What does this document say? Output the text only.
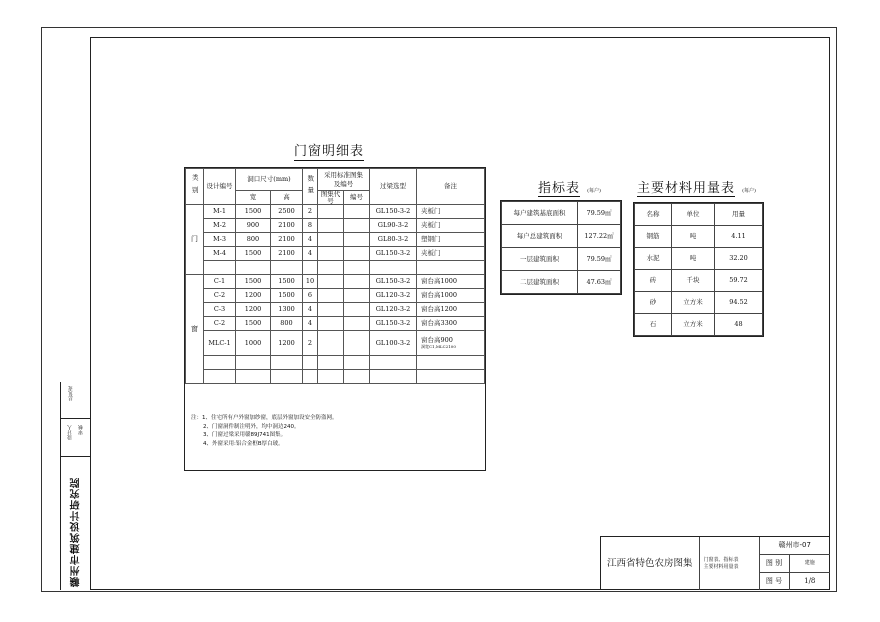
总负责
设计人 审核
赣州市建筑设计研究院
门窗明细表
类别	设计编号	洞口尺寸(mm)		数量	采用标准图集及编号		过梁选型	备注
		宽	高		图集代号	编号		
门	M-1	1500	2500	2			GL150-3-2	夹板门
	M-2	900	2100	8			GL90-3-2	夹板门
	M-3	800	2100	4			GL80-3-2	塑钢门
	M-4	1500	2100	4			GL150-3-2	夹板门

窗	C-1	1500	1500	10			GL150-3-2	窗台高1000
	C-2	1200	1500	6			GL120-3-2	窗台高1000
	C-3	1200	1300	4			GL120-3-2	窗台高1200
	C-2	1500	800	4			GL150-3-2	窗台高3300
	MLC-1	1000	1200	2			GL100-3-2	窗台高900
洞宽C1,MLC2100

注：1、住宅所有户外窗加纱窗，底层外窗加设安全防盗网。
2、门窗洞件制注明外，均中洞边240。
3、门窗过梁采用赣89J741图集。
4、外窗采用:铝合金框B厚白玻。
指标表 (每户)
每户建筑基底面积	79.59㎡
每户总建筑面积	127.22㎡
一层建筑面积	79.59㎡
二层建筑面积	47.63㎡
主要材料用量表 (每户)
名称	单位	用量
钢筋	吨	4.11
水泥	吨	32.20
砖	千块	59.72
砂	立方米	94.52
石	立方米	48
江西省特色农房图集	门窗表、指标表
主要材料用量表	赣州市-07	
		图 别	建施
		图 号	1/8
